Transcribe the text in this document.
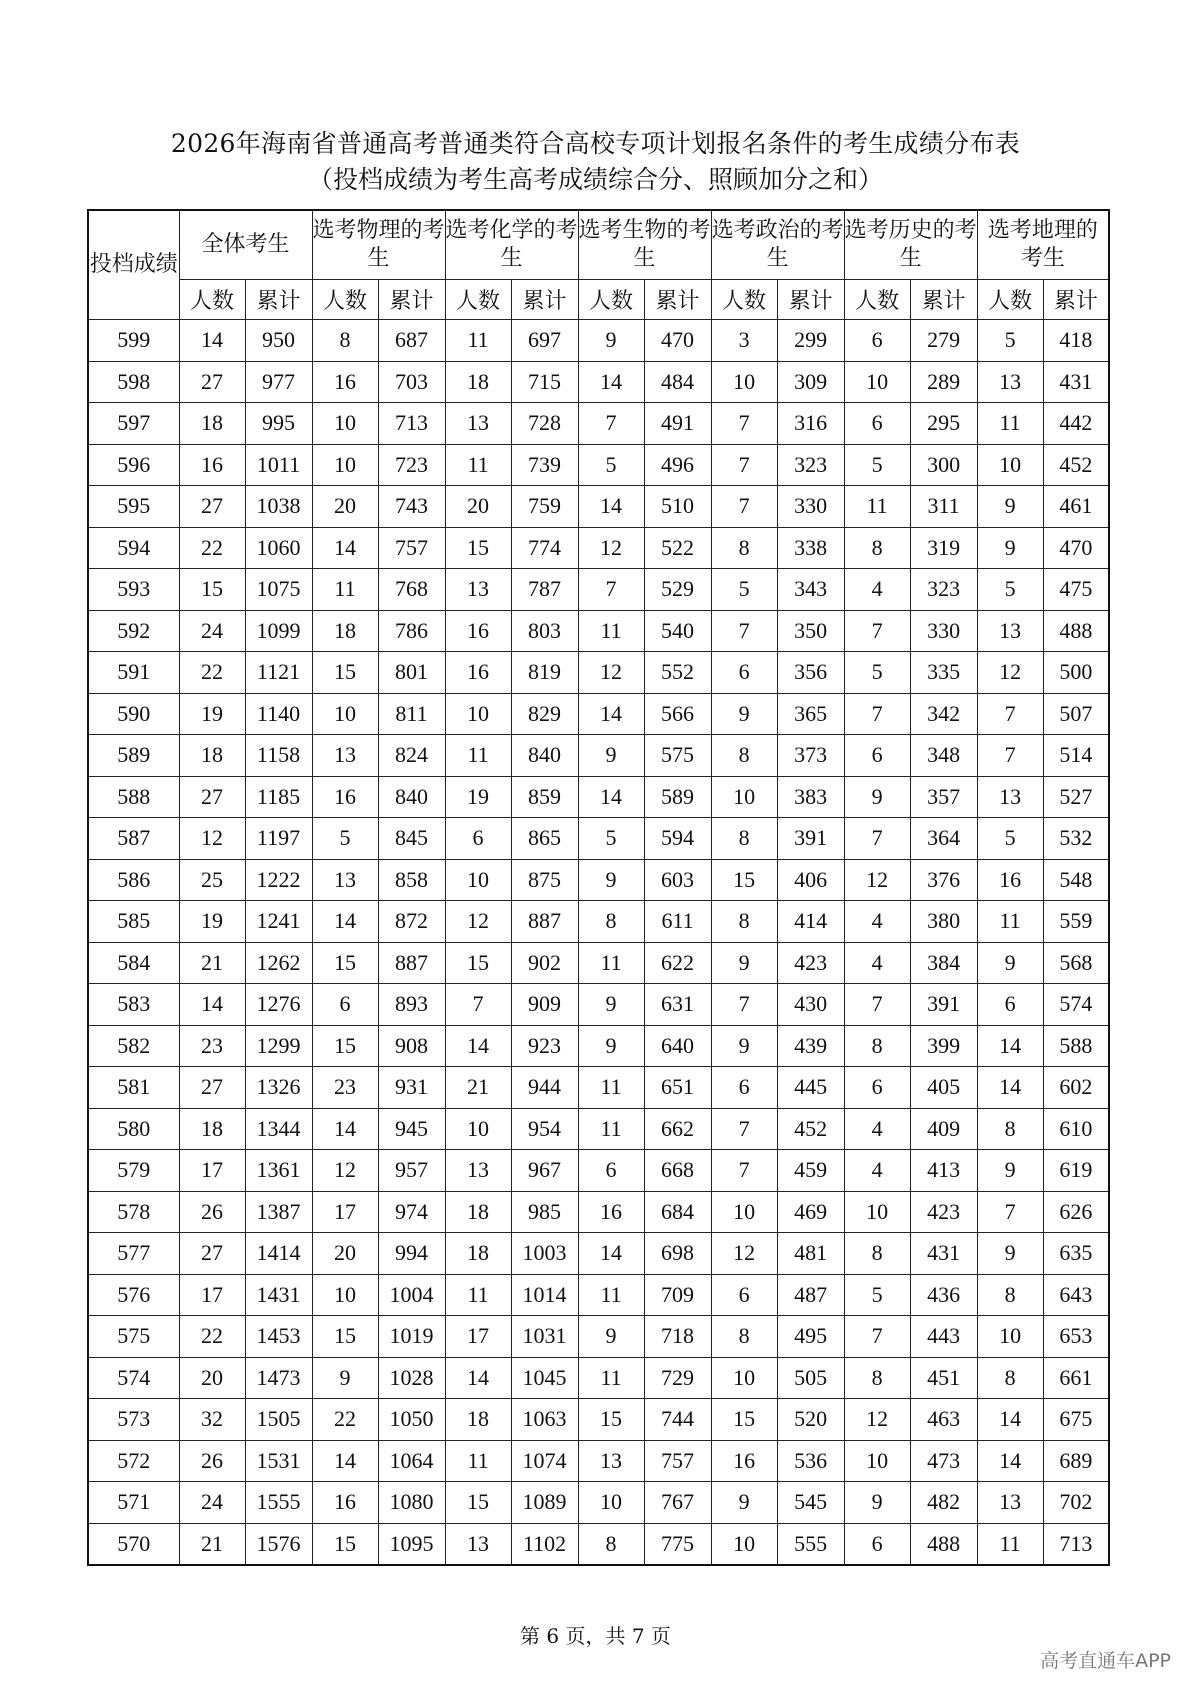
2026年海南省普通高考普通类符合高校专项计划报名条件的考生成绩分布表
（投档成绩为考生高考成绩综合分、照顾加分之和）
投档成绩	全体考生		选考物理的考生		选考化学的考生		选考生物的考生		选考政治的考生		选考历史的考生		选考地理的考生	
	人数	累计	人数	累计	人数	累计	人数	累计	人数	累计	人数	累计	人数	累计
599	14	950	8	687	11	697	9	470	3	299	6	279	5	418
598	27	977	16	703	18	715	14	484	10	309	10	289	13	431
597	18	995	10	713	13	728	7	491	7	316	6	295	11	442
596	16	1011	10	723	11	739	5	496	7	323	5	300	10	452
595	27	1038	20	743	20	759	14	510	7	330	11	311	9	461
594	22	1060	14	757	15	774	12	522	8	338	8	319	9	470
593	15	1075	11	768	13	787	7	529	5	343	4	323	5	475
592	24	1099	18	786	16	803	11	540	7	350	7	330	13	488
591	22	1121	15	801	16	819	12	552	6	356	5	335	12	500
590	19	1140	10	811	10	829	14	566	9	365	7	342	7	507
589	18	1158	13	824	11	840	9	575	8	373	6	348	7	514
588	27	1185	16	840	19	859	14	589	10	383	9	357	13	527
587	12	1197	5	845	6	865	5	594	8	391	7	364	5	532
586	25	1222	13	858	10	875	9	603	15	406	12	376	16	548
585	19	1241	14	872	12	887	8	611	8	414	4	380	11	559
584	21	1262	15	887	15	902	11	622	9	423	4	384	9	568
583	14	1276	6	893	7	909	9	631	7	430	7	391	6	574
582	23	1299	15	908	14	923	9	640	9	439	8	399	14	588
581	27	1326	23	931	21	944	11	651	6	445	6	405	14	602
580	18	1344	14	945	10	954	11	662	7	452	4	409	8	610
579	17	1361	12	957	13	967	6	668	7	459	4	413	9	619
578	26	1387	17	974	18	985	16	684	10	469	10	423	7	626
577	27	1414	20	994	18	1003	14	698	12	481	8	431	9	635
576	17	1431	10	1004	11	1014	11	709	6	487	5	436	8	643
575	22	1453	15	1019	17	1031	9	718	8	495	7	443	10	653
574	20	1473	9	1028	14	1045	11	729	10	505	8	451	8	661
573	32	1505	22	1050	18	1063	15	744	15	520	12	463	14	675
572	26	1531	14	1064	11	1074	13	757	16	536	10	473	14	689
571	24	1555	16	1080	15	1089	10	767	9	545	9	482	13	702
570	21	1576	15	1095	13	1102	8	775	10	555	6	488	11	713
第 6 页，共 7 页
高考直通车APP
